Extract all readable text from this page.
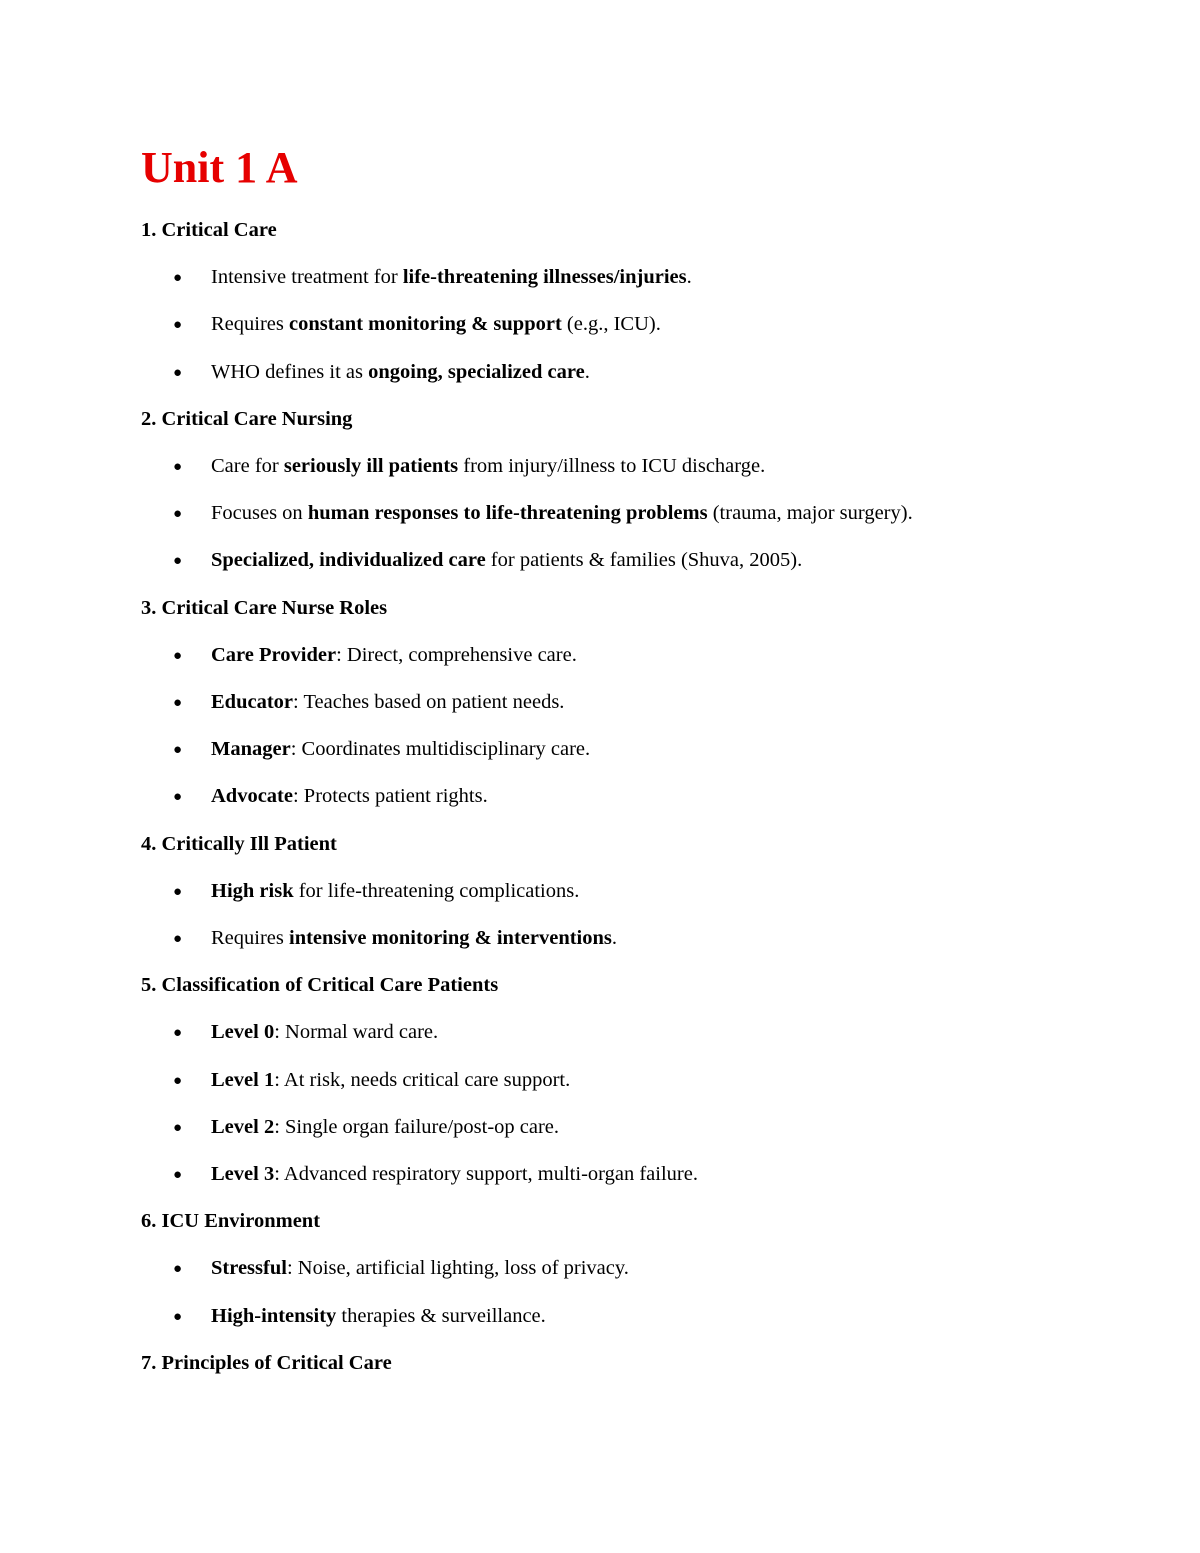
Unit 1 A
1. Critical Care
● Intensive treatment for life-threatening illnesses/injuries.
● Requires constant monitoring & support (e.g., ICU).
● WHO defines it as ongoing, specialized care.
2. Critical Care Nursing
● Care for seriously ill patients from injury/illness to ICU discharge.
● Focuses on human responses to life-threatening problems (trauma, major surgery).
● Specialized, individualized care for patients & families (Shuva, 2005).
3. Critical Care Nurse Roles
● Care Provider: Direct, comprehensive care.
● Educator: Teaches based on patient needs.
● Manager: Coordinates multidisciplinary care.
● Advocate: Protects patient rights.
4. Critically Ill Patient
● High risk for life-threatening complications.
● Requires intensive monitoring & interventions.
5. Classification of Critical Care Patients
● Level 0: Normal ward care.
● Level 1: At risk, needs critical care support.
● Level 2: Single organ failure/post-op care.
● Level 3: Advanced respiratory support, multi-organ failure.
6. ICU Environment
● Stressful: Noise, artificial lighting, loss of privacy.
● High-intensity therapies & surveillance.
7. Principles of Critical Care
